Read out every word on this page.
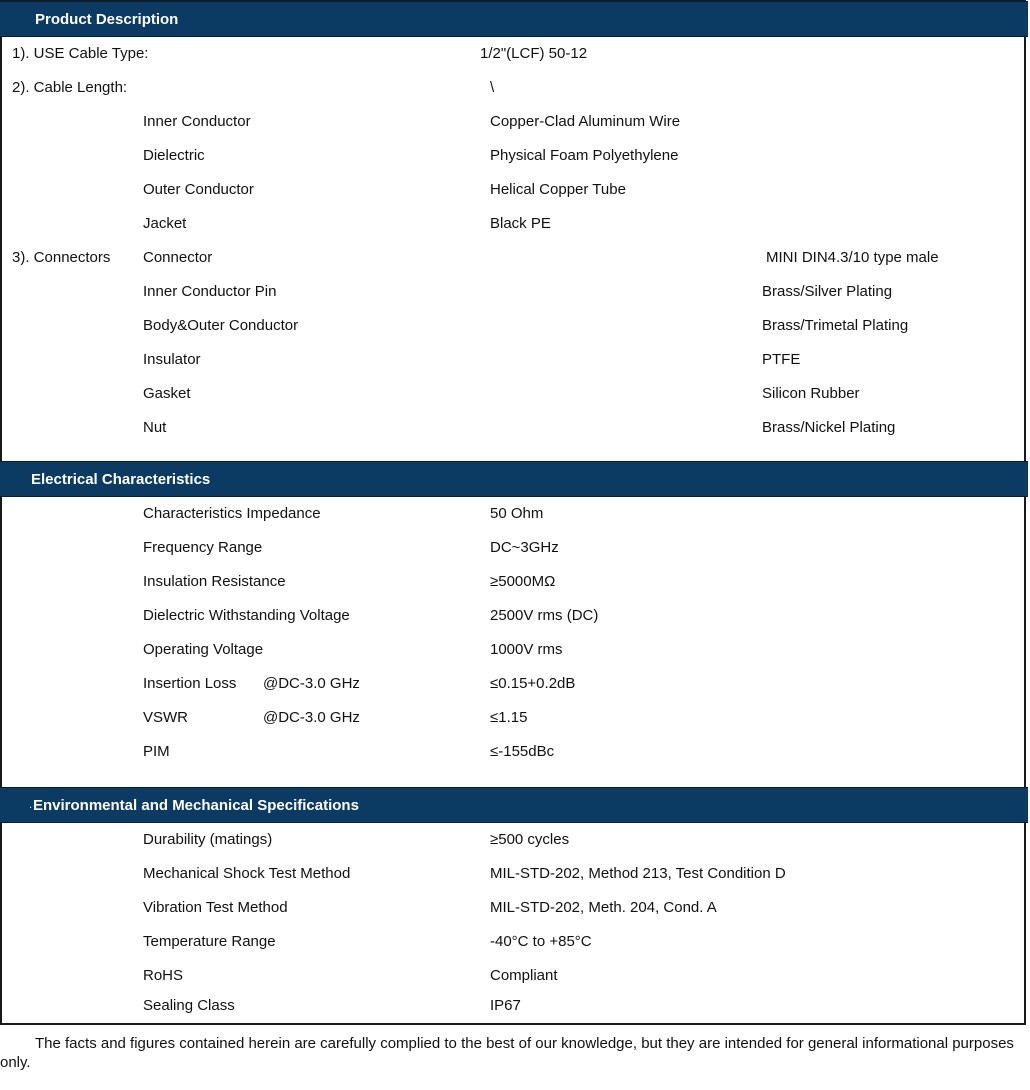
Product Description
1). USE Cable Type:	1/2"(LCF) 50-12
2). Cable Length:	\
Inner Conductor	Copper-Clad Aluminum Wire
Dielectric	Physical Foam Polyethylene
Outer Conductor	Helical Copper Tube
Jacket	Black PE
3). Connectors Connector	MINI DIN4.3/10 type male
Inner Conductor Pin	Brass/Silver Plating
Body&Outer Conductor	Brass/Trimetal Plating
Insulator	PTFE
Gasket	Silicon Rubber
Nut	Brass/Nickel Plating
Electrical Characteristics
Characteristics Impedance	50 Ohm
Frequency Range	DC~3GHz
Insulation Resistance	≥5000MΩ
Dielectric Withstanding Voltage	2500V rms (DC)
Operating Voltage	1000V rms
Insertion Loss @DC-3.0 GHz	≤0.15+0.2dB
VSWR	@DC-3.0 GHz	≤1.15
PIM	≤-155dBc
. Environmental and Mechanical Specifications
Durability (matings)	≥500 cycles
Mechanical Shock Test Method	MIL-STD-202, Method 213, Test Condition D
Vibration Test Method	MIL-STD-202, Meth. 204, Cond. A
Temperature Range	-40°C to +85°C
RoHS	Compliant
Sealing Class	IP67
The facts and figures contained herein are carefully complied to the best of our knowledge, but they are intended for general informational purposes only.
